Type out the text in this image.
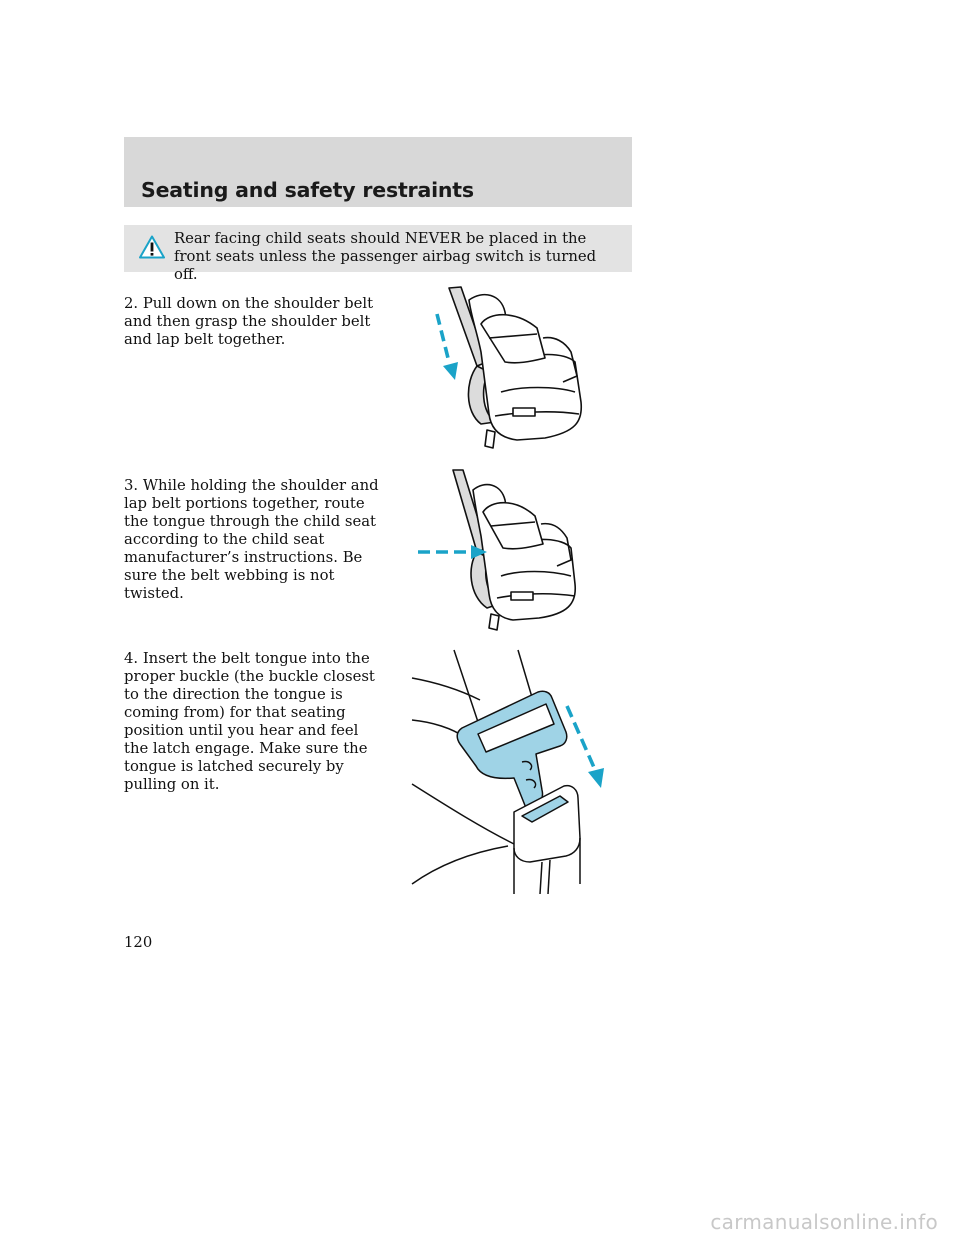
Seating and safety restraints
Rear facing child seats should NEVER be placed in the front seats unless the passenger airbag switch is turned off.

2. Pull down on the shoulder belt and then grasp the shoulder belt and lap belt together.

3. While holding the shoulder and lap belt portions together, route the tongue through the child seat according to the child seat manufacturer’s instructions. Be sure the belt webbing is not twisted.

4. Insert the belt tongue into the proper buckle (the buckle closest to the direction the tongue is coming from) for that seating position until you hear and feel the latch engage. Make sure the tongue is latched securely by pulling on it.

120
carmanualsonline.info
